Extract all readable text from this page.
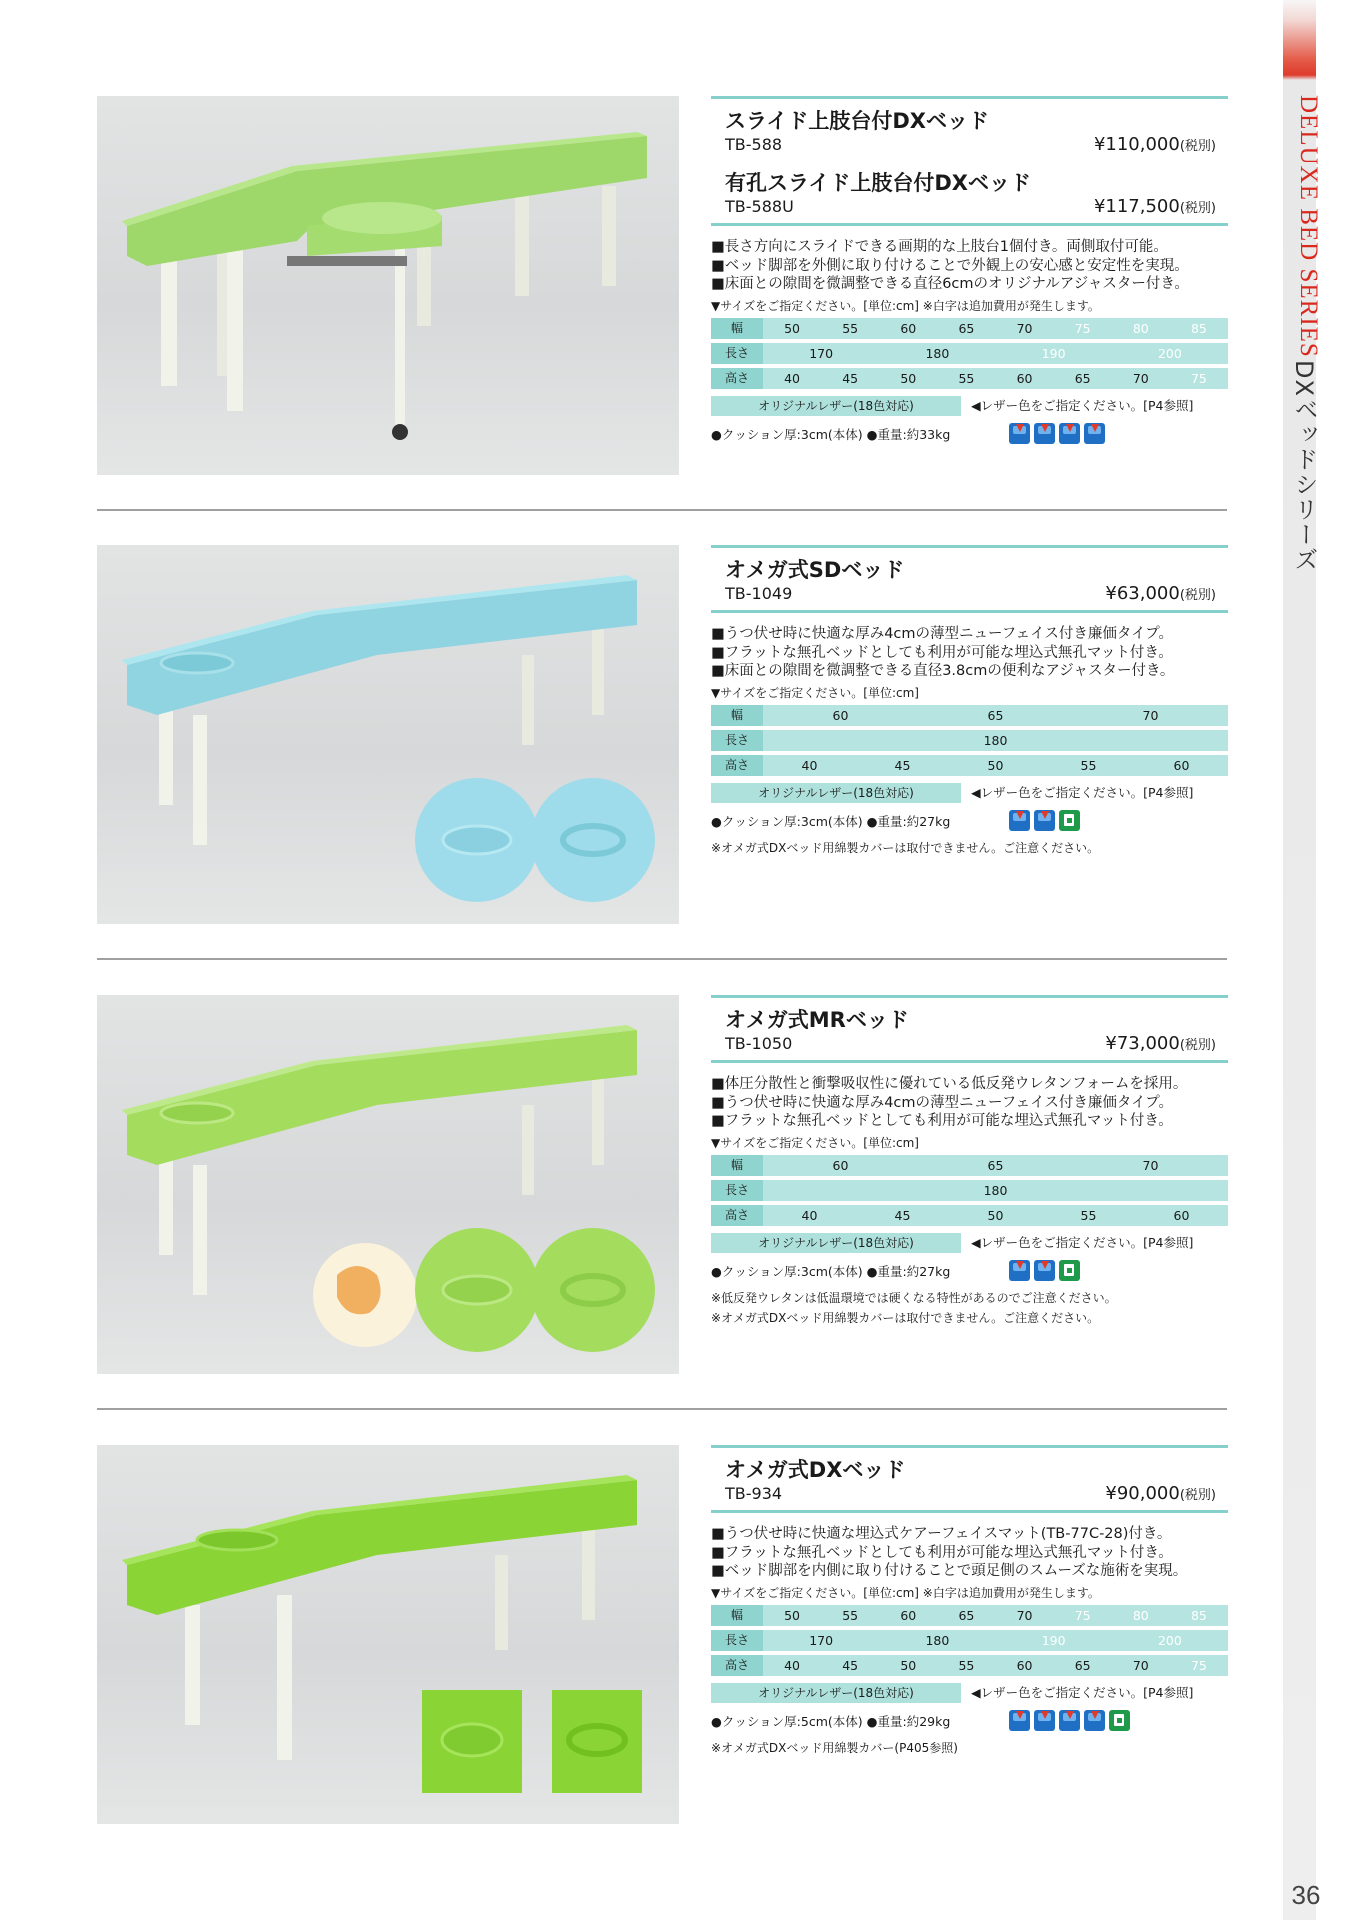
DELUXE BED SERIES
DXベッドシリーズ
36
スライド上肢台付DXベッド
TB-588	¥110,000(税別)
有孔スライド上肢台付DXベッド
TB-588U	¥117,500(税別)
■長さ方向にスライドできる画期的な上肢台1個付き。両側取付可能。
■ベッド脚部を外側に取り付けることで外観上の安心感と安定性を実現。
■床面との隙間を微調整できる直径6cmのオリジナルアジャスター付き。
▼サイズをご指定ください。[単位:cm] ※白字は追加費用が発生します。
幅	50	55	60	65	70	75	80	85
長さ	170	180	190	200
高さ	40	45	50	55	60	65	70	75
オリジナルレザー(18色対応)	◀レザー色をご指定ください。[P4参照]
●クッション厚:3cm(本体) ●重量:約33kg
オメガ式SDベッド
TB-1049	¥63,000(税別)
■うつ伏せ時に快適な厚み4cmの薄型ニューフェイス付き廉価タイプ。
■フラットな無孔ベッドとしても利用が可能な埋込式無孔マット付き。
■床面との隙間を微調整できる直径3.8cmの便利なアジャスター付き。
▼サイズをご指定ください。[単位:cm]
幅	60	65	70
長さ	180
高さ	40	45	50	55	60
オリジナルレザー(18色対応)	◀レザー色をご指定ください。[P4参照]
●クッション厚:3cm(本体) ●重量:約27kg
※オメガ式DXベッド用綿製カバーは取付できません。ご注意ください。
オメガ式MRベッド
TB-1050	¥73,000(税別)
■体圧分散性と衝撃吸収性に優れている低反発ウレタンフォームを採用。
■うつ伏せ時に快適な厚み4cmの薄型ニューフェイス付き廉価タイプ。
■フラットな無孔ベッドとしても利用が可能な埋込式無孔マット付き。
▼サイズをご指定ください。[単位:cm]
幅	60	65	70
長さ	180
高さ	40	45	50	55	60
オリジナルレザー(18色対応)	◀レザー色をご指定ください。[P4参照]
●クッション厚:3cm(本体) ●重量:約27kg
※低反発ウレタンは低温環境では硬くなる特性があるのでご注意ください。
※オメガ式DXベッド用綿製カバーは取付できません。ご注意ください。
オメガ式DXベッド
TB-934	¥90,000(税別)
■うつ伏せ時に快適な埋込式ケアーフェイスマット(TB-77C-28)付き。
■フラットな無孔ベッドとしても利用が可能な埋込式無孔マット付き。
■ベッド脚部を内側に取り付けることで頭足側のスムーズな施術を実現。
▼サイズをご指定ください。[単位:cm] ※白字は追加費用が発生します。
幅	50	55	60	65	70	75	80	85
長さ	170	180	190	200
高さ	40	45	50	55	60	65	70	75
オリジナルレザー(18色対応)	◀レザー色をご指定ください。[P4参照]
●クッション厚:5cm(本体) ●重量:約29kg
※オメガ式DXベッド用綿製カバー(P405参照)
